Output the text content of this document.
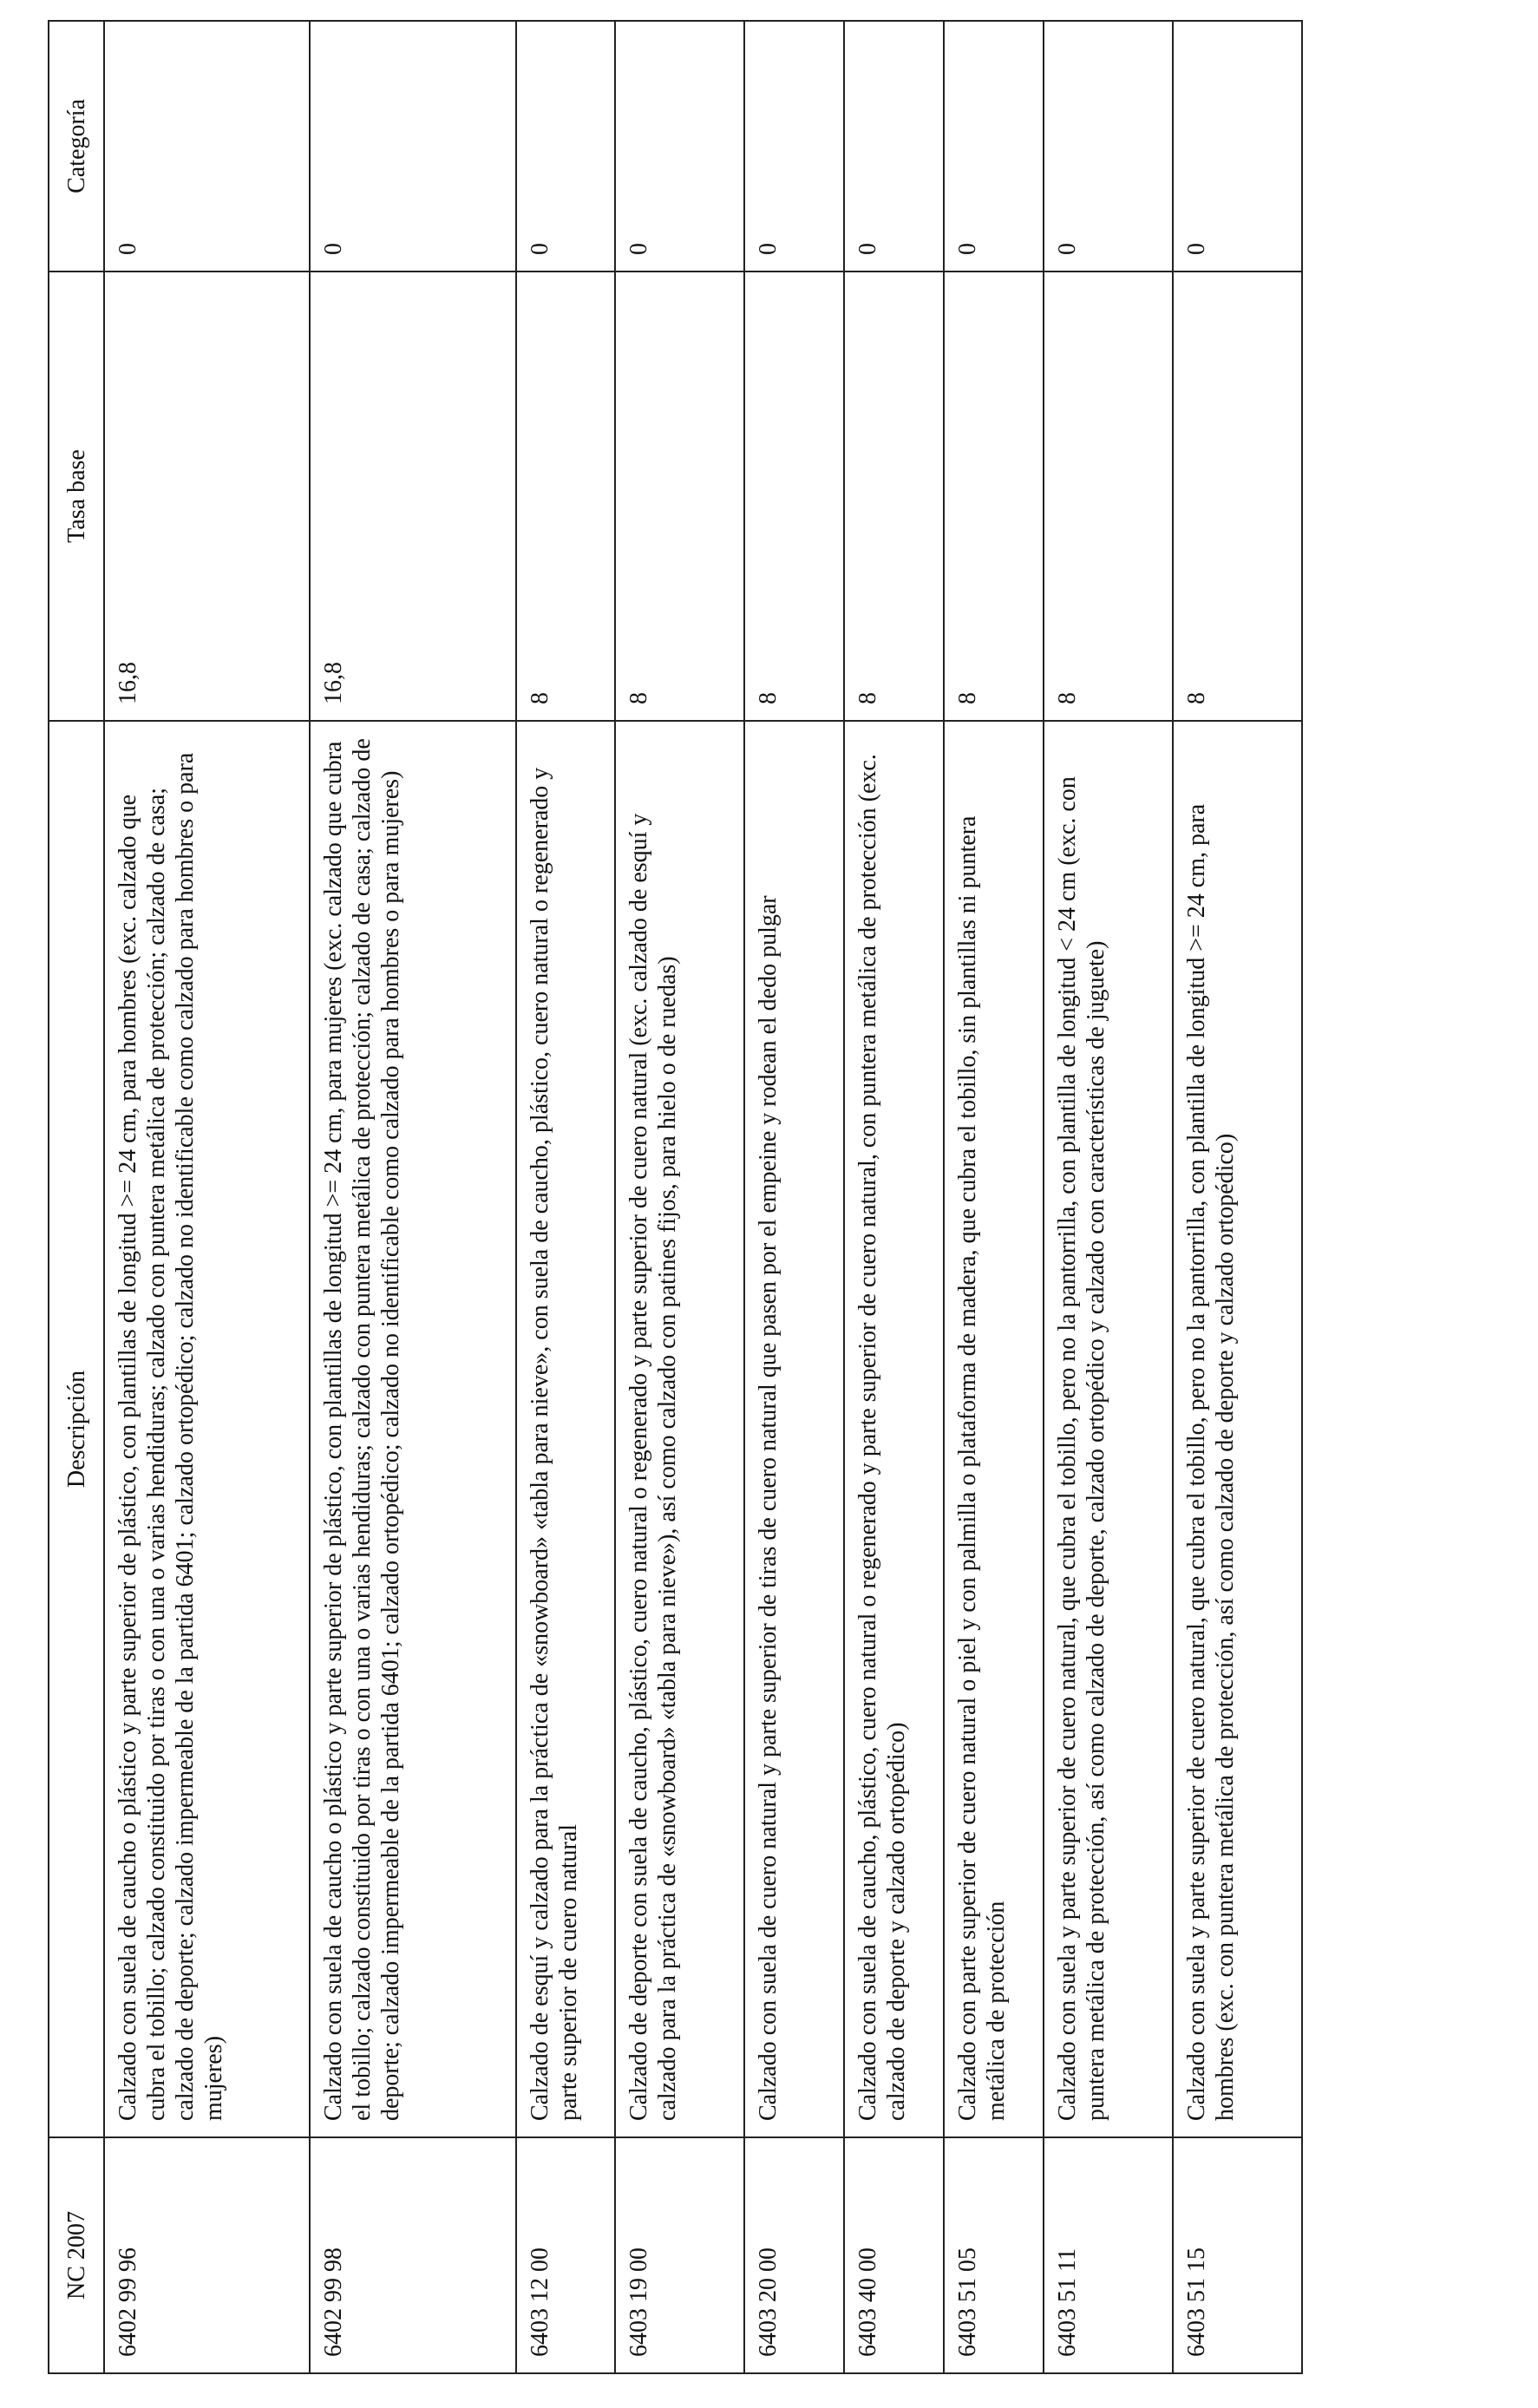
NC 2007	Descripción	Tasa base	Categoría
6402 99 96	Calzado con suela de caucho o plástico y parte superior de plástico, con plantillas de longitud >= 24 cm, para hombres (exc. calzado que cubra el tobillo; calzado constituido por tiras o con una o varias hendiduras; calzado con puntera metálica de protección; calzado de casa; calzado de deporte; calzado impermeable de la partida 6401; calzado ortopédico; calzado no identificable como calzado para hombres o para mujeres)	16,8	0
6402 99 98	Calzado con suela de caucho o plástico y parte superior de plástico, con plantillas de longitud >= 24 cm, para mujeres (exc. calzado que cubra el tobillo; calzado constituido por tiras o con una o varias hendiduras; calzado con puntera metálica de protección; calzado de casa; calzado de deporte; calzado impermeable de la partida 6401; calzado ortopédico; calzado no identificable como calzado para hombres o para mujeres)	16,8	0
6403 12 00	Calzado de esquí y calzado para la práctica de «snowboard» «tabla para nieve», con suela de caucho, plástico, cuero natural o regenerado y parte superior de cuero natural	8	0
6403 19 00	Calzado de deporte con suela de caucho, plástico, cuero natural o regenerado y parte superior de cuero natural (exc. calzado de esquí y calzado para la práctica de «snowboard» «tabla para nieve»), así como calzado con patines fijos, para hielo o de ruedas)	8	0
6403 20 00	Calzado con suela de cuero natural y parte superior de tiras de cuero natural que pasen por el empeine y rodean el dedo pulgar	8	0
6403 40 00	Calzado con suela de caucho, plástico, cuero natural o regenerado y parte superior de cuero natural, con puntera metálica de protección (exc. calzado de deporte y calzado ortopédico)	8	0
6403 51 05	Calzado con parte superior de cuero natural o piel y con palmilla o plataforma de madera, que cubra el tobillo, sin plantillas ni puntera metálica de protección	8	0
6403 51 11	Calzado con suela y parte superior de cuero natural, que cubra el tobillo, pero no la pantorrilla, con plantilla de longitud < 24 cm (exc. con puntera metálica de protección, así como calzado de deporte, calzado ortopédico y calzado con características de juguete)	8	0
6403 51 15	Calzado con suela y parte superior de cuero natural, que cubra el tobillo, pero no la pantorrilla, con plantilla de longitud >= 24 cm, para hombres (exc. con puntera metálica de protección, así como calzado de deporte y calzado ortopédico)	8	0
